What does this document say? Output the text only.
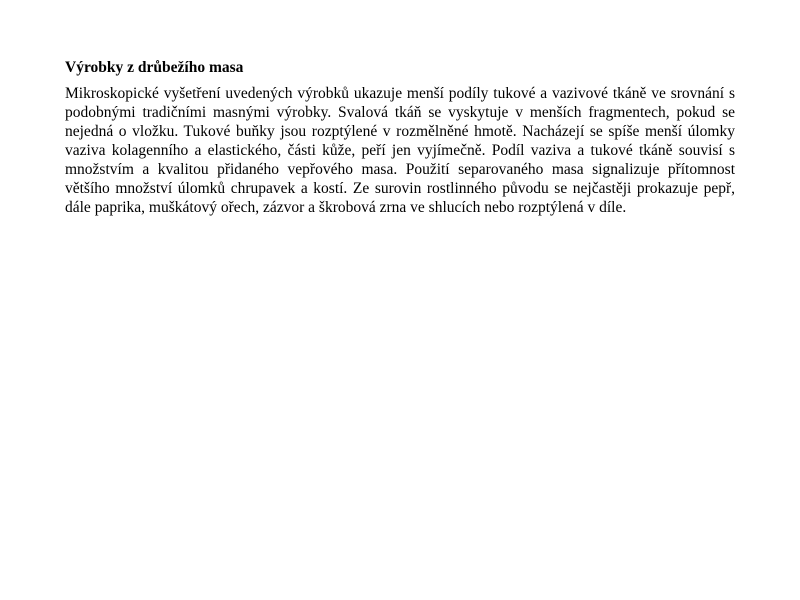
Výrobky z drůbežího masa

Mikroskopické vyšetření uvedených výrobků ukazuje menší podíly tukové a vazivové tkáně ve srovnání s podobnými tradičními masnými výrobky. Svalová tkáň se vyskytuje v menších fragmentech, pokud se nejedná o vložku. Tukové buňky jsou rozptýlené v rozmělněné hmotě. Nacházejí se spíše menší úlomky vaziva kolagenního a elastického, části kůže, peří jen vyjímečně. Podíl vaziva a tukové tkáně souvisí s množstvím a kvalitou přidaného vepřového masa. Použití separovaného masa signalizuje přítomnost většího množství úlomků chrupavek a kostí. Ze surovin rostlinného původu se nejčastěji prokazuje pepř, dále paprika, muškátový ořech, zázvor a škrobová zrna ve shlucích nebo rozptýlená v díle.
